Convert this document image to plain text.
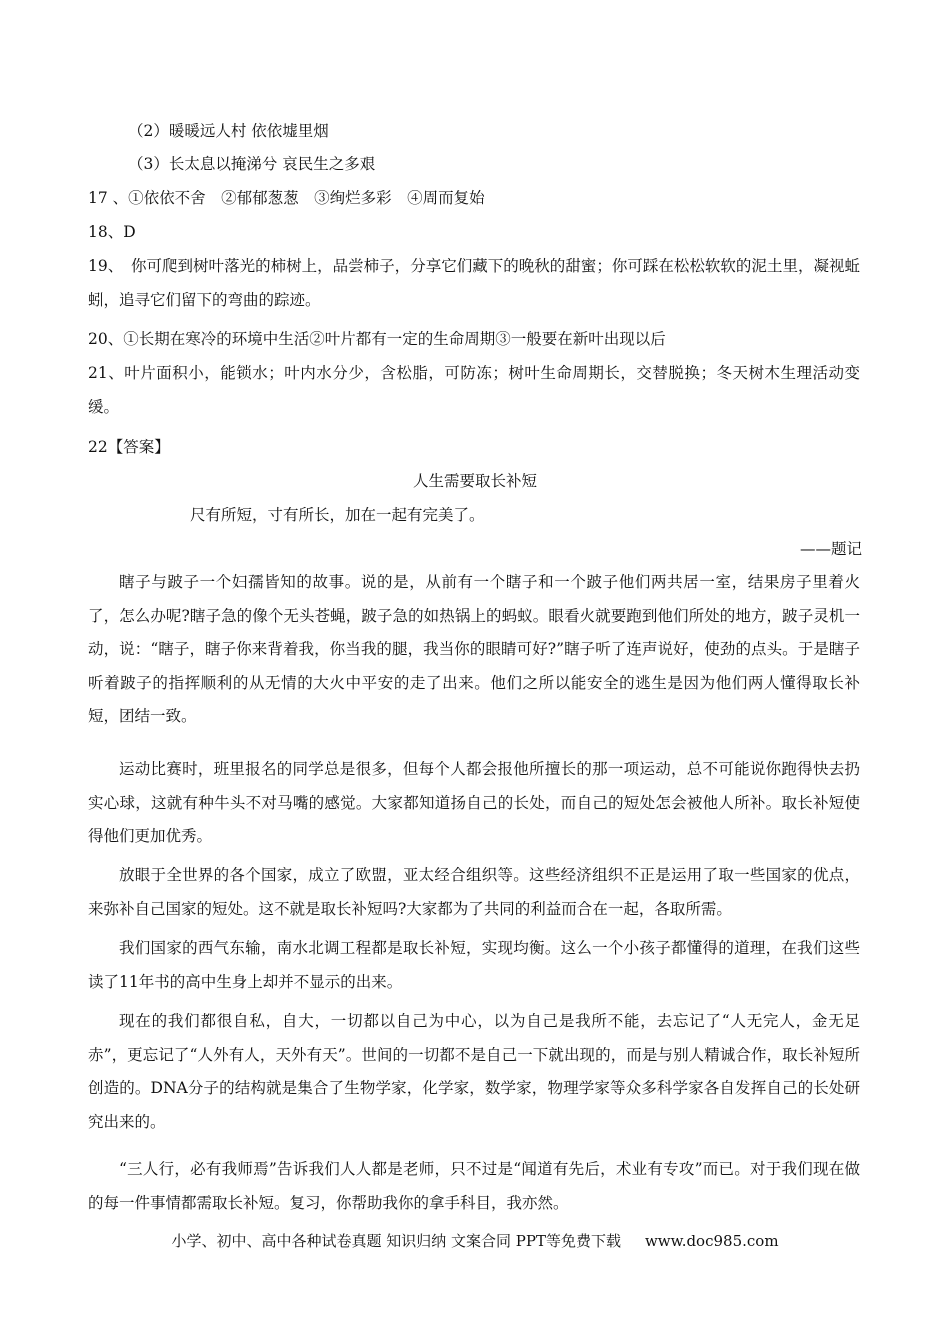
（2）暖暖远人村 依依墟里烟
（3）长太息以掩涕兮 哀民生之多艰
17 、①依依不舍　②郁郁葱葱　③绚烂多彩　④周而复始
18、D
19、　你可爬到树叶落光的柿树上，品尝柿子，分享它们藏下的晚秋的甜蜜；你可踩在松松软软的泥土里，凝视蚯蚓，追寻它们留下的弯曲的踪迹。
20、①长期在寒冷的环境中生活②叶片都有一定的生命周期③一般要在新叶出现以后
21、叶片面积小，能锁水；叶内水分少，含松脂，可防冻；树叶生命周期长，交替脱换；冬天树木生理活动变缓。
22【答案】
人生需要取长补短
尺有所短，寸有所长，加在一起有完美了。
——题记
瞎子与跛子一个妇孺皆知的故事。说的是，从前有一个瞎子和一个跛子他们两共居一室，结果房子里着火了，怎么办呢?瞎子急的像个无头苍蝇，跛子急的如热锅上的蚂蚁。眼看火就要跑到他们所处的地方，跛子灵机一动，说：“瞎子，瞎子你来背着我，你当我的腿，我当你的眼睛可好?”瞎子听了连声说好，使劲的点头。于是瞎子听着跛子的指挥顺利的从无情的大火中平安的走了出来。他们之所以能安全的逃生是因为他们两人懂得取长补短，团结一致。
运动比赛时，班里报名的同学总是很多，但每个人都会报他所擅长的那一项运动，总不可能说你跑得快去扔实心球，这就有种牛头不对马嘴的感觉。大家都知道扬自己的长处，而自己的短处怎会被他人所补。取长补短使得他们更加优秀。
放眼于全世界的各个国家，成立了欧盟，亚太经合组织等。这些经济组织不正是运用了取一些国家的优点，来弥补自己国家的短处。这不就是取长补短吗?大家都为了共同的利益而合在一起，各取所需。
我们国家的西气东输，南水北调工程都是取长补短，实现均衡。这么一个小孩子都懂得的道理，在我们这些读了11年书的高中生身上却并不显示的出来。
现在的我们都很自私，自大，一切都以自己为中心，以为自己是我所不能，去忘记了“人无完人，金无足赤”，更忘记了“人外有人，天外有天”。世间的一切都不是自己一下就出现的，而是与别人精诚合作，取长补短所创造的。DNA分子的结构就是集合了生物学家，化学家，数学家，物理学家等众多科学家各自发挥自己的长处研究出来的。
“三人行，必有我师焉”告诉我们人人都是老师，只不过是“闻道有先后，术业有专攻”而已。对于我们现在做的每一件事情都需取长补短。复习，你帮助我你的拿手科目，我亦然。
小学、初中、高中各种试卷真题 知识归纳 文案合同 PPT等免费下载 www.doc985.com
